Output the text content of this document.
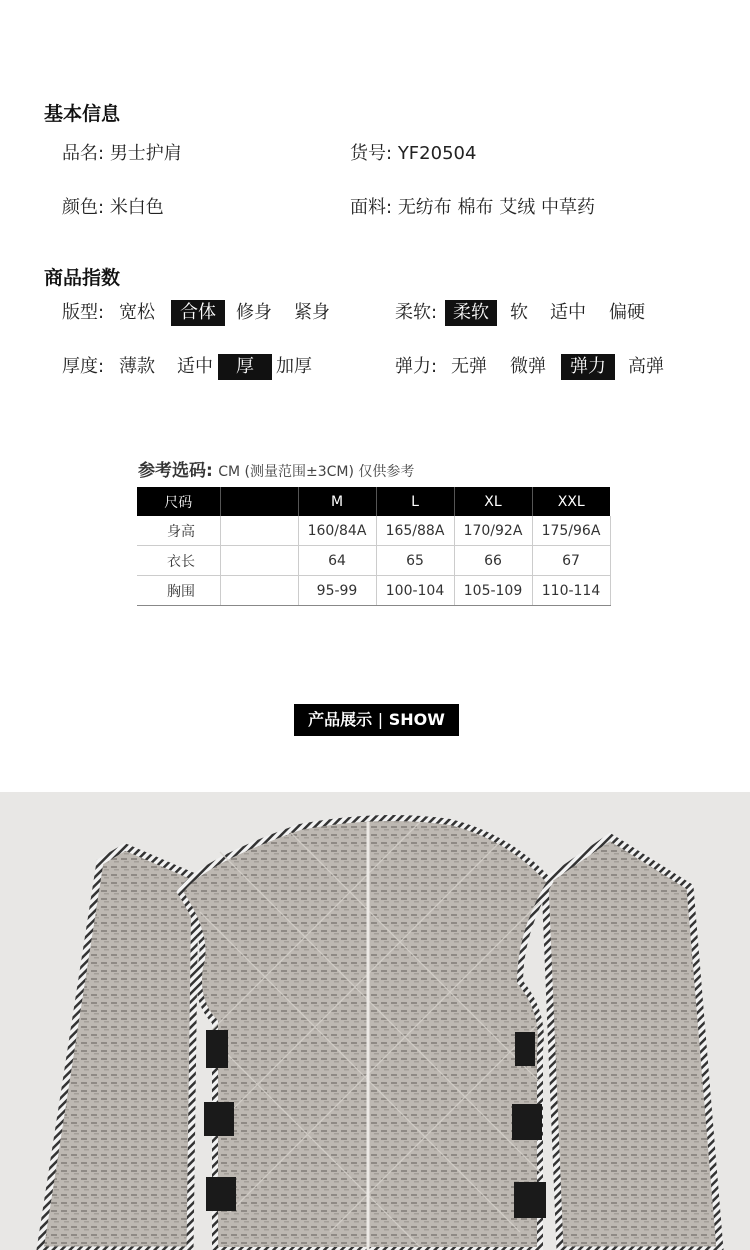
基本信息
品名: 男士护肩	货号: YF20504
颜色: 米白色	面料: 无纺布 棉布 艾绒 中草药
商品指数
版型: 宽松	合体	修身 紧身	柔软: 柔软	软 适中 偏硬
厚度: 薄款 适中	厚	加厚	弹力: 无弹 微弹	弹力	高弹
参考选码: CM (测量范围±3CM) 仅供参考
尺码		M	L	XL	XXL
身高		160/84A	165/88A	170/92A	175/96A
衣长		64	65	66	67
胸围		95-99	100-104	105-109	110-114
产品展示 | SHOW
